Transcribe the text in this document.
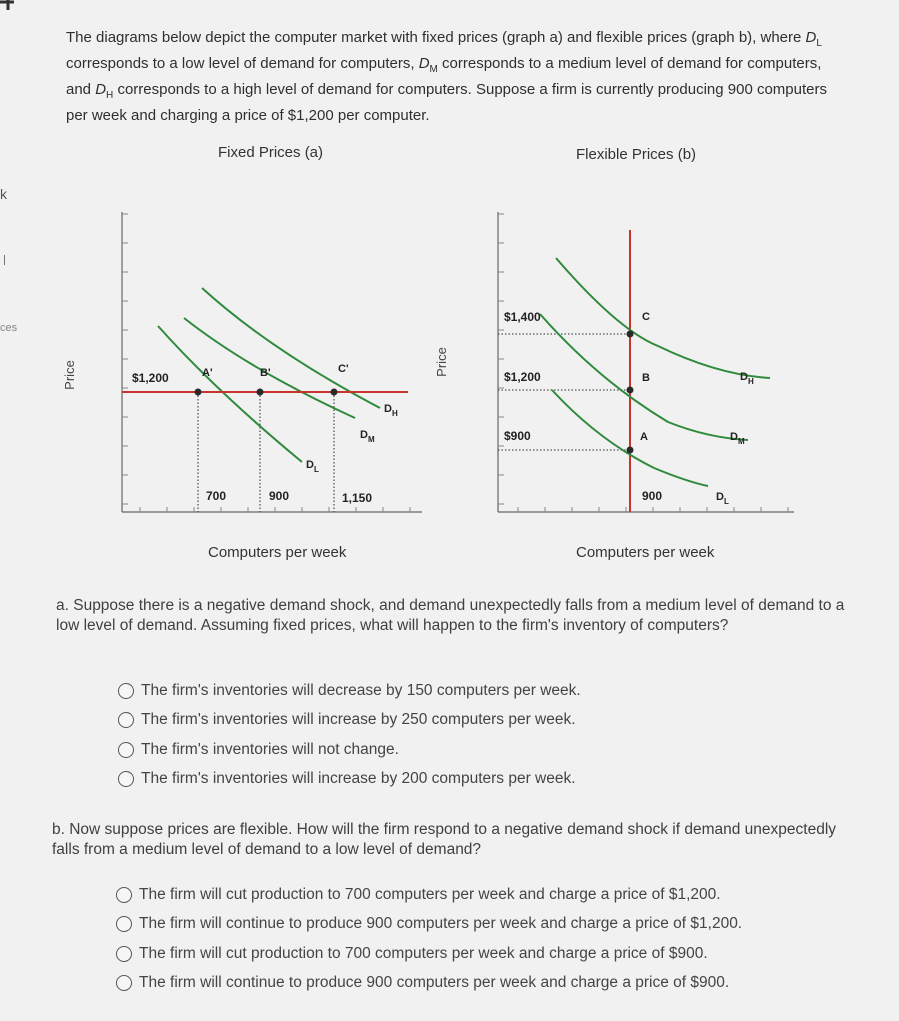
k
ces
The diagrams below depict the computer market with fixed prices (graph a) and flexible prices (graph b), where $D_L$ corresponds to a low level of demand for computers, $D_M$ corresponds to a medium level of demand for computers, and $D_H$ corresponds to a high level of demand for computers. Suppose a firm is currently producing 900 computers per week and charging a price of $1,200 per computer.
Fixed Prices (a)	Flexible Prices (b)
Price	$1,200	A'	B'	C'
700	900	1,150
$D_H$
$D_M$
$D_L$
Price
$1,400
$1,200
$900
C
B
A
900
$D_H$
$D_M$
$D_L$
Computers per week	Computers per week
a. Suppose there is a negative demand shock, and demand unexpectedly falls from a medium level of demand to a low level of demand. Assuming fixed prices, what will happen to the firm's inventory of computers?
The firm's inventories will decrease by 150 computers per week.
The firm's inventories will increase by 250 computers per week.
The firm's inventories will not change.
The firm's inventories will increase by 200 computers per week.
b. Now suppose prices are flexible. How will the firm respond to a negative demand shock if demand unexpectedly falls from a medium level of demand to a low level of demand?
The firm will cut production to 700 computers per week and charge a price of $1,200.
The firm will continue to produce 900 computers per week and charge a price of $1,200.
The firm will cut production to 700 computers per week and charge a price of $900.
The firm will continue to produce 900 computers per week and charge a price of $900.
